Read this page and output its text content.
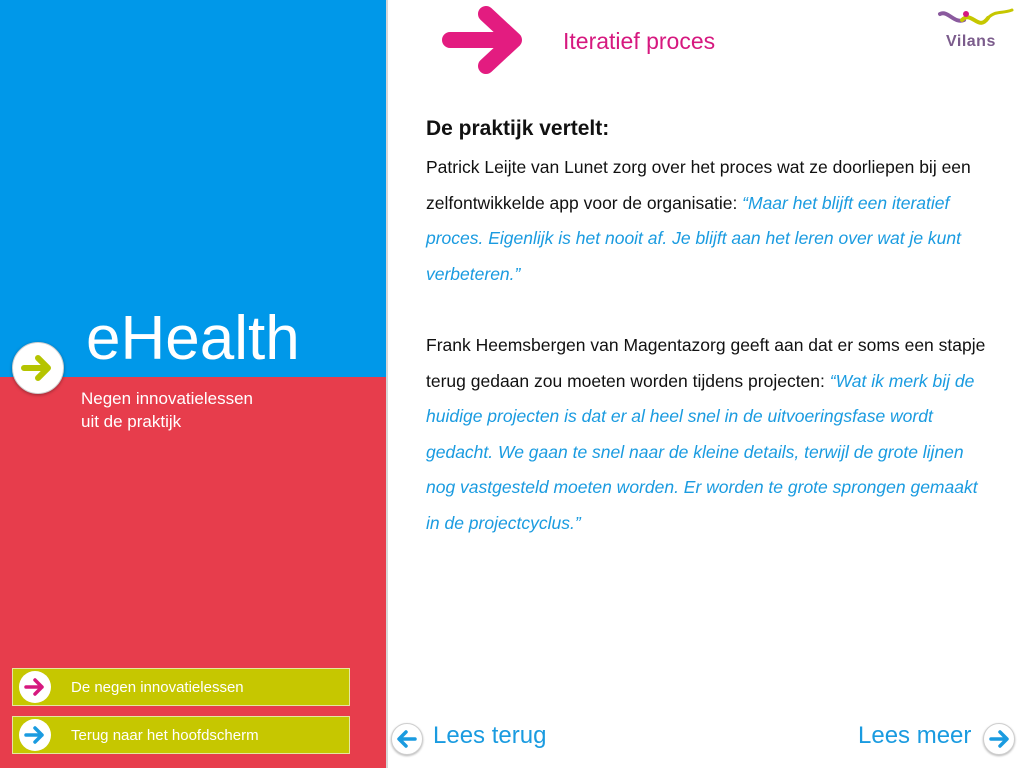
eHealth
Negen innovatielessen
uit de praktijk
De negen innovatielessen
Terug naar het hoofdscherm
Iteratief proces	Vilans
De praktijk vertelt:

Patrick Leijte van Lunet zorg over het proces wat ze doorliepen bij een zelfontwikkelde app voor de organisatie: “Maar het blijft een iteratief proces. Eigenlijk is het nooit af. Je blijft aan het leren over wat je kunt verbeteren.”

Frank Heemsbergen van Magentazorg geeft aan dat er soms een stapje terug gedaan zou moeten worden tijdens projecten: “Wat ik merk bij de huidige projecten is dat er al heel snel in de uitvoeringsfase wordt gedacht. We gaan te snel naar de kleine details, terwijl de grote lijnen nog vastgesteld moeten worden. Er worden te grote sprongen gemaakt in de projectcyclus.”

Lees terug	Lees meer
